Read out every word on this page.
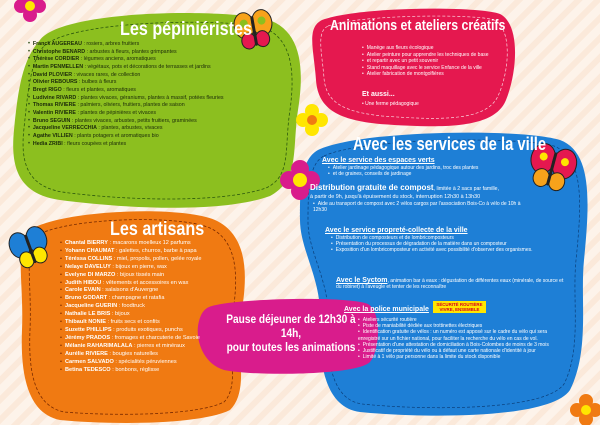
Les pépiniéristes
• Franck AUGEREAU : rosiers, arbres fruitiers
• Christophe BENARD : arbustes à fleurs, plantes grimpantes
• Thérèse CORDIER : légumes anciens, aromatiques
• Martin PENMELLEN : végétaux, pots et décorations de terrasses et jardins
• David PLOVIER : vivaces rares, de collection
• Olivier REBOURS : bulbes à fleurs
• Bregt RIGO : fleurs et plantes, aromatiques
• Ludivine RIVARD : plantes vivaces, géraniums, plantes à massif, potées fleuries
• Thomas RIVIERE : palmiers, oliviers, fruitiers, plantes de saison
• Valentin RIVIERE : plantes de pépinières et vivaces
• Bruno SEGUIN : plantes vivaces, arbustes, petits fruitiers, graminées
• Jacqueline VERRECCHIA : plantes, arbustes, vivaces
• Agathe VILLIEN : plants potagers et aromatiques bio
• Hedia ZRIBI : fleurs coupées et plantes
Les artisans
• Chantal BIERRY : macarons moelleux 12 parfums
• Yohann CHAUMAT : galettes, churros, barbe à papa
• Téréssa COLLINS : miel, propolis, pollen, gelée royale
• Nelaye DAVELUY : bijoux en pierre, wax
• Evelyne DI MARZO : bijoux tissés main
• Judith HIBOU : vêtements et accessoires en wax
• Carole EVAIN : salaisons d'Auvergne
• Bruno GODART : champagne et ratafia
• Jacqueline GUERIN : foodtruck
• Nathalie LE BRIS : bijoux
• Thibault NONIE : fruits secs et confits
• Suzette PHILLIPS : produits exotiques, punchs
• Jérémy PRADOS : fromages et charcuterie de Savoie
• Mélanie RAHARIMALALA : pierres et minéraux
• Aurélie RIVIERE : bougies naturelles
• Carmen SALVADO : spécialités péruviennes
• Betina TEDESCO : bonbons, réglisse
Animations et ateliers créatifs
• Manège aux fleurs écologique
• Atelier peinture pour apprendre les techniques de base
• et repartir avec un petit souvenir
• Stand maquillage avec le service Enfance de la ville
• Atelier fabrication de montgolfières
Et aussi...
• Une ferme pédagogique
Avec les services de la ville
Avec le service des espaces verts
• Atelier jardinage pédagogique autour des jardins, troc des plantes
• et de graines, conseils de jardinage
Distribution gratuite de compost, limitée à 2 sacs par famille,
à partir de 9h, jusqu'à épuisement du stock, interruption 12h30 à 13h30
• Aide au transport de compost avec 2 vélos cargos par l'association Bois-Co à vélo de 10h à 12h30
Avec le service propreté-collecte de la ville
• Distribution de composteurs et de lombricomposteurs
• Présentation du processus de dégradation de la matière dans un composteur
• Exposition d'un lombricomposteur en activité avec possibilité d'observer des organismes.
Avec le Syctom, animation bar à eaux : dégustation de différentes eaux (minérale, de source et du robinet) à l'aveugle et tenter de les reconnaître
Avec la police municipale SÉCURITÉ ROUTIÈRE
VIVRE, ENSEMBLE
• Ateliers sécurité routière
• Piste de maniabilité dédiée aux trottinettes électriques
• Identification gratuite de vélos : un numéro est apposé sur le cadre du vélo qui sera enregistré sur un fichier national, pour faciliter la recherche du vélo en cas de vol.
• Présentation d'une attestation de domiciliation à Bois-Colombes de moins de 3 mois
• Justificatif de propriété du vélo ou à défaut une carte nationale d'identité à jour
• Limité à 1 vélo par personne dans la limite du stock disponible
Pause déjeuner de 12h30 à 14h,
pour toutes les animations
